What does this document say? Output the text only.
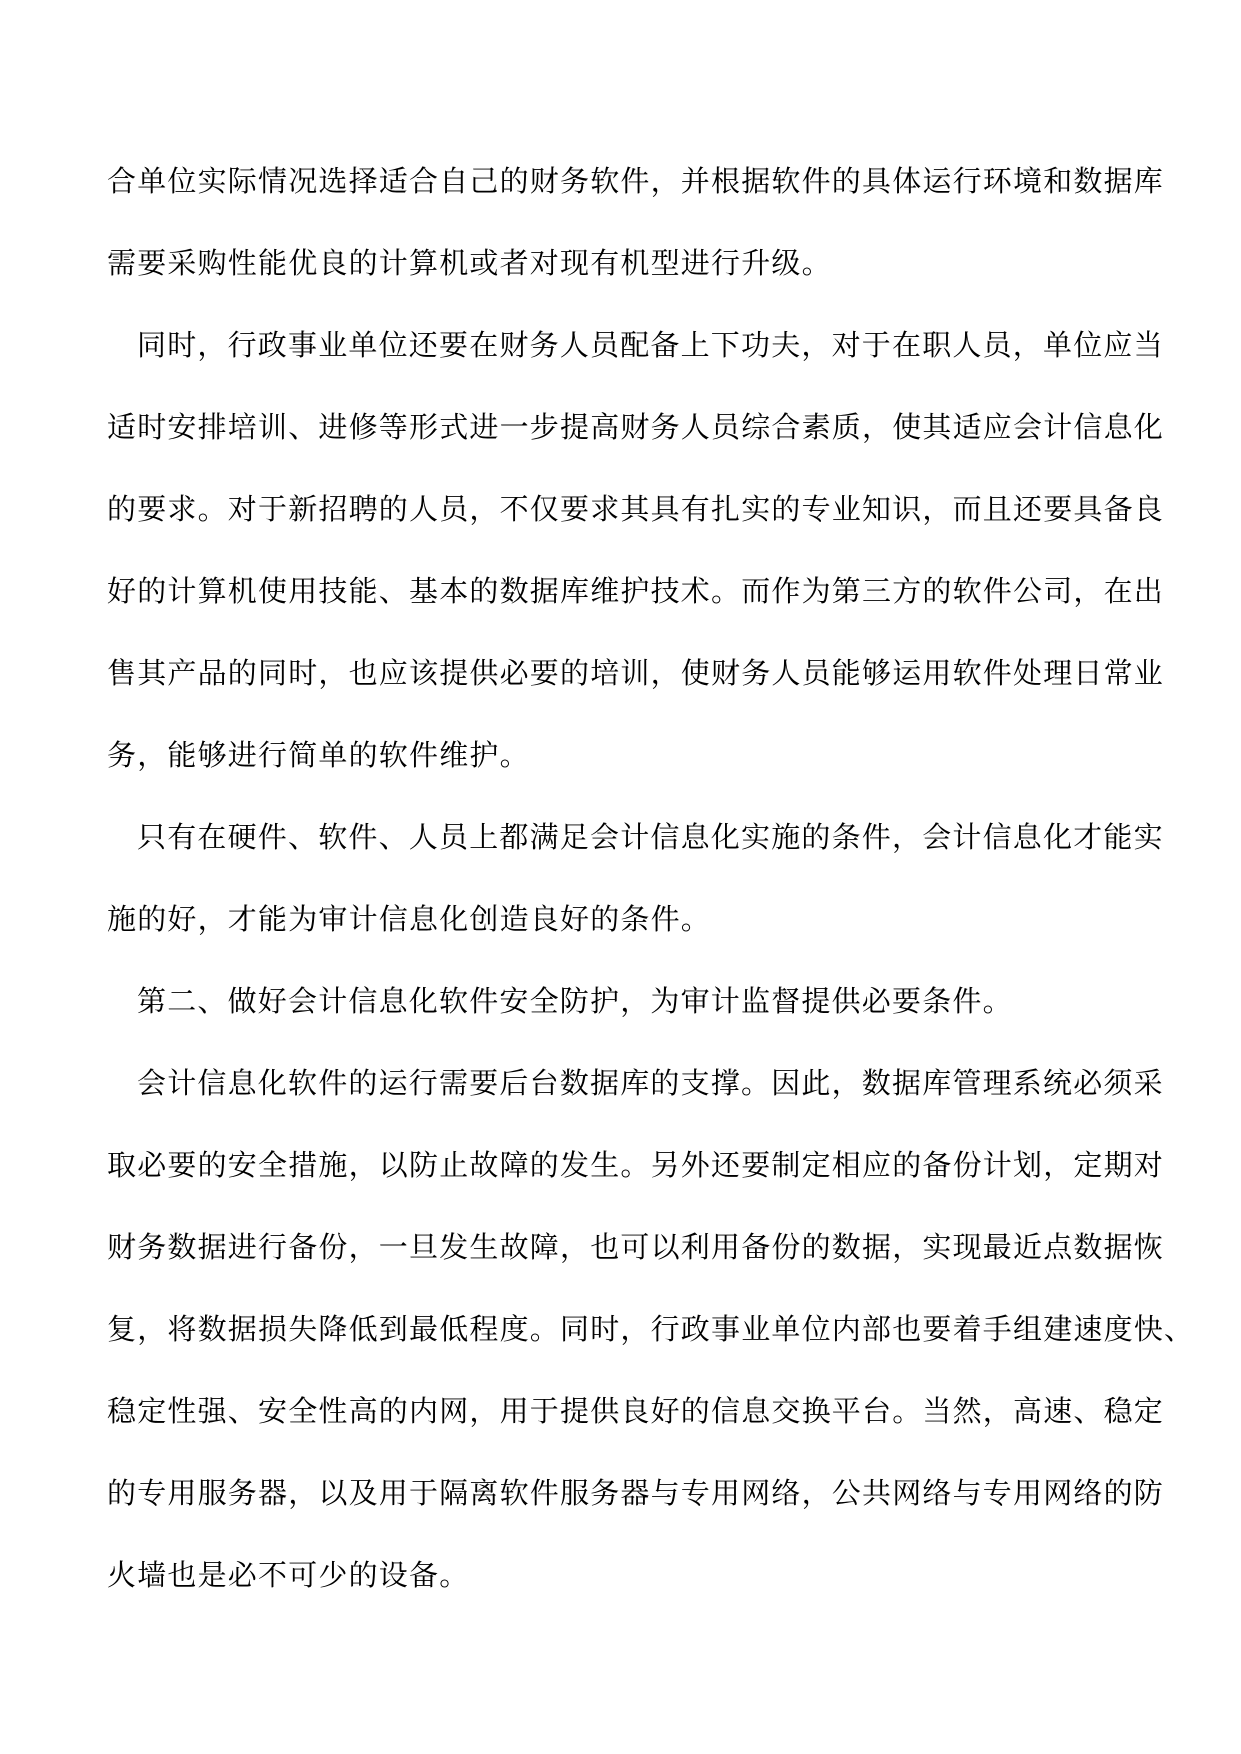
合单位实际情况选择适合自己的财务软件，并根据软件的具体运行环境和数据库
需要采购性能优良的计算机或者对现有机型进行升级。
同时，行政事业单位还要在财务人员配备上下功夫，对于在职人员，单位应当
适时安排培训、进修等形式进一步提高财务人员综合素质，使其适应会计信息化
的要求。对于新招聘的人员，不仅要求其具有扎实的专业知识，而且还要具备良
好的计算机使用技能、基本的数据库维护技术。而作为第三方的软件公司，在出
售其产品的同时，也应该提供必要的培训，使财务人员能够运用软件处理日常业
务，能够进行简单的软件维护。
只有在硬件、软件、人员上都满足会计信息化实施的条件，会计信息化才能实
施的好，才能为审计信息化创造良好的条件。
第二、做好会计信息化软件安全防护，为审计监督提供必要条件。
会计信息化软件的运行需要后台数据库的支撑。因此，数据库管理系统必须采
取必要的安全措施，以防止故障的发生。另外还要制定相应的备份计划，定期对
财务数据进行备份，一旦发生故障，也可以利用备份的数据，实现最近点数据恢
复，将数据损失降低到最低程度。同时，行政事业单位内部也要着手组建速度快、
稳定性强、安全性高的内网，用于提供良好的信息交换平台。当然，高速、稳定
的专用服务器，以及用于隔离软件服务器与专用网络，公共网络与专用网络的防
火墙也是必不可少的设备。
